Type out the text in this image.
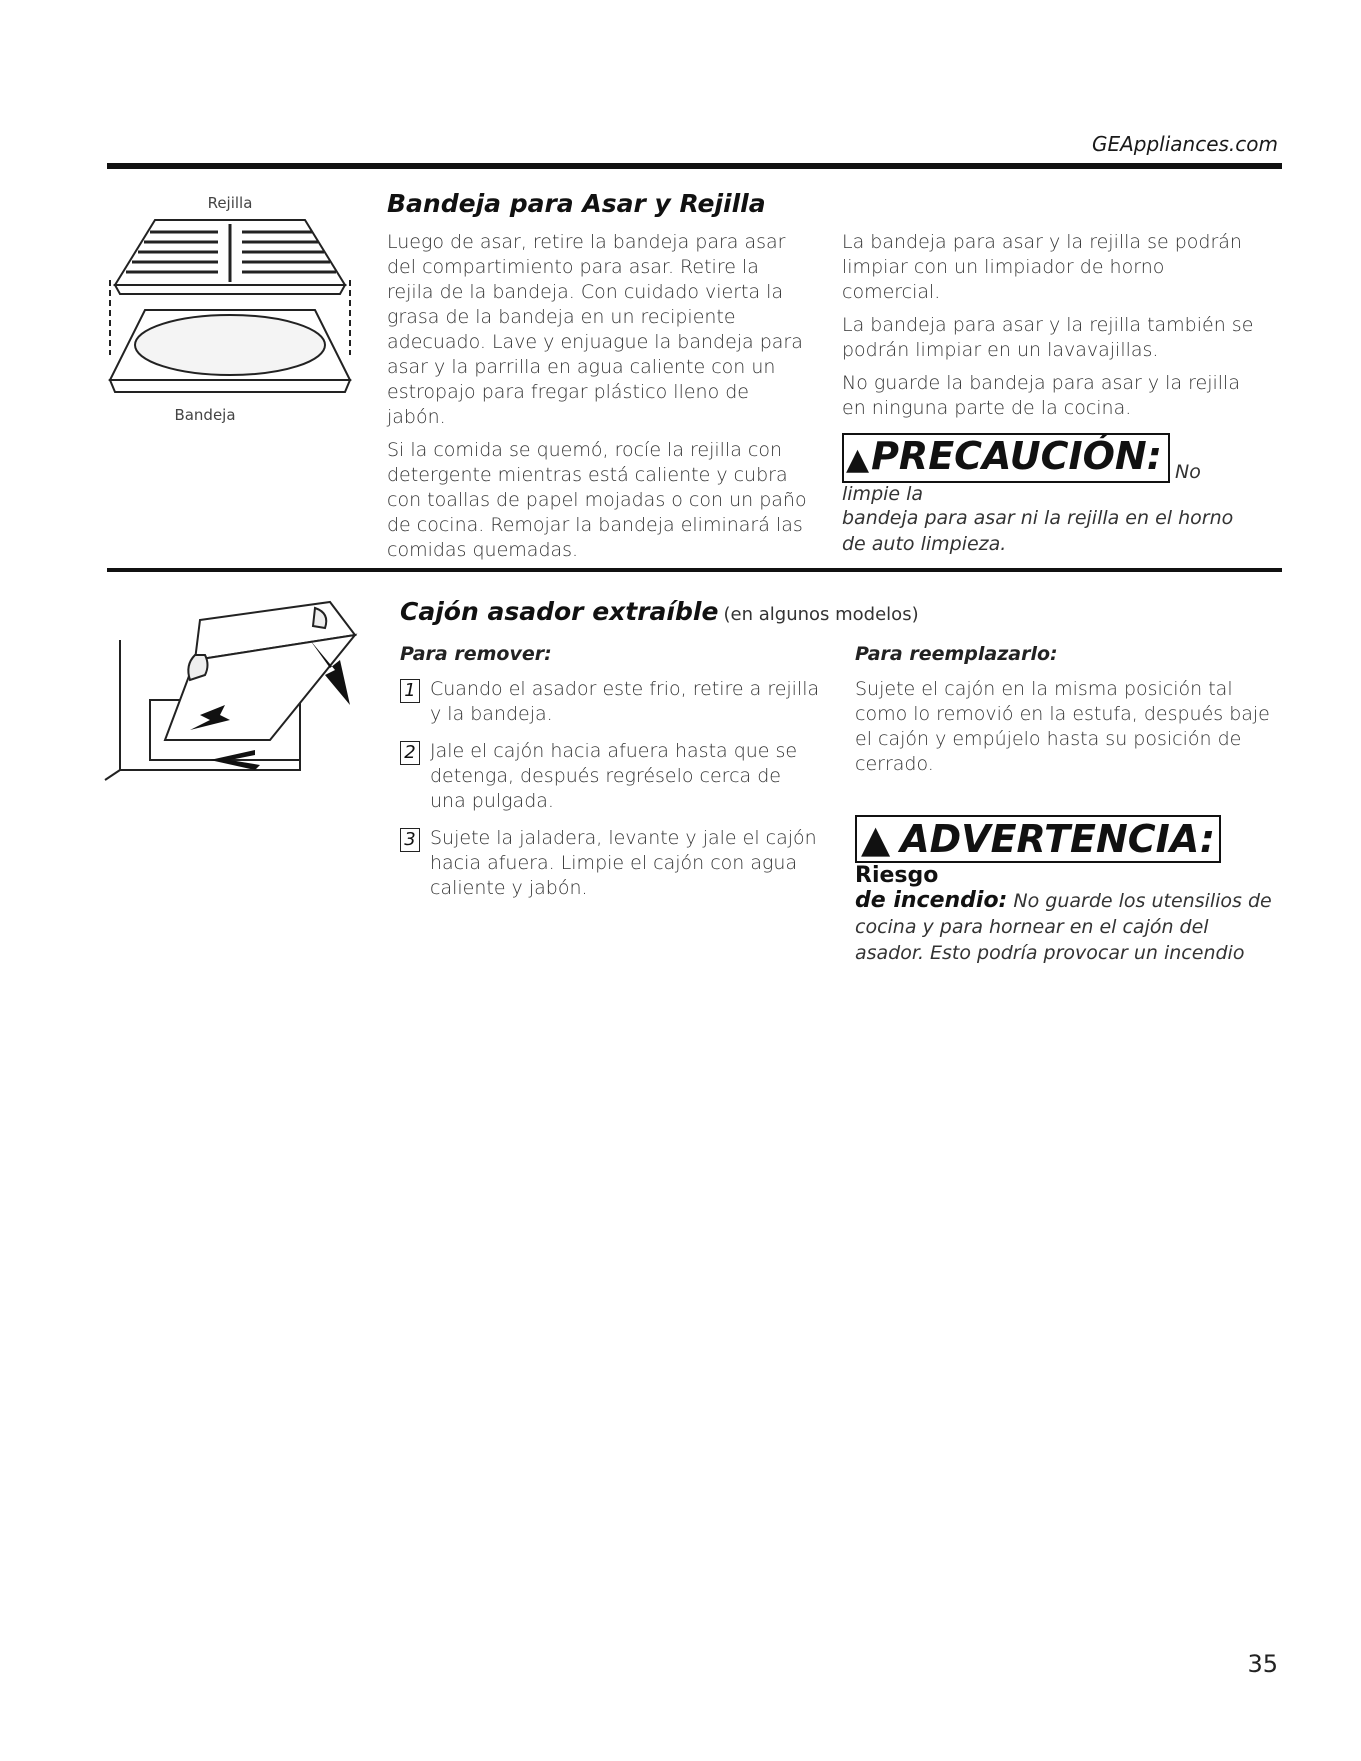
GEAppliances.com
Rejilla
Bandeja
Bandeja para Asar y Rejilla

Luego de asar, retire la bandeja para asar del compartimiento para asar. Retire la rejila de la bandeja. Con cuidado vierta la grasa de la bandeja en un recipiente adecuado. Lave y enjuague la bandeja para asar y la parrilla en agua caliente con un estropajo para fregar plástico lleno de jabón.

Si la comida se quemó, rocíe la rejilla con detergente mientras está caliente y cubra con toallas de papel mojadas o con un paño de cocina. Remojar la bandeja eliminará las comidas quemadas.

La bandeja para asar y la rejilla se podrán limpiar con un limpiador de horno comercial.

La bandeja para asar y la rejilla también se podrán limpiar en un lavavajillas.

No guarde la bandeja para asar y la rejilla en ninguna parte de la cocina.

▲PRECAUCIÓN: No limpie la

bandeja para asar ni la rejilla en el horno de auto limpieza.

Cajón asador extraíble (en algunos modelos)

Para remover:

1 Cuando el asador este frio, retire a rejilla y la bandeja.
2 Jale el cajón hacia afuera hasta que se detenga, después regréselo cerca de una pulgada.
3 Sujete la jaladera, levante y jale el cajón hacia afuera. Limpie el cajón con agua caliente y jabón.

Para reemplazarlo:

Sujete el cajón en la misma posición tal como lo removió en la estufa, después baje el cajón y empújelo hasta su posición de cerrado.

▲ ADVERTENCIA:Riesgo

de incendio: No guarde los utensilios de cocina y para hornear en el cajón del asador. Esto podría provocar un incendio

35
